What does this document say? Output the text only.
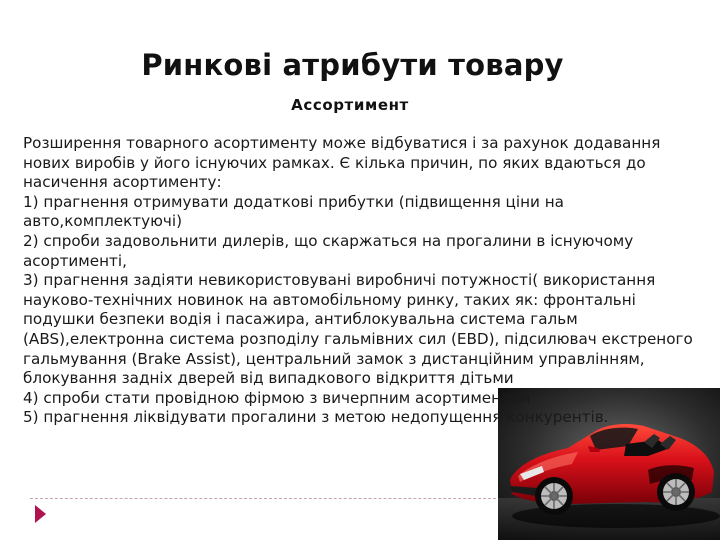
Ринкові атрибути товару
Ассортимент

Розширення товарного асортименту може відбуватися і за рахунок додавання нових виробів у його існуючих рамках. Є кілька причин, по яких вдаються до насичення асортименту:

1) прагнення отримувати додаткові прибутки (підвищення ціни на авто,комплектуючі)

2) спроби задовольнити дилерів, що скаржаться на прогалини в існуючому асортименті,

3) прагнення задіяти невикористовувані виробничі потужності( використання науково-технічних новинок на автомобільному ринку, таких як: фронтальні подушки безпеки водія і пасажира, антиблокувальна система гальм (ABS),електронна система розподілу гальмівних сил (EBD), підсилювач екстреного гальмування (Brake Assist), центральний замок з дистанційним управлінням, блокування задніх дверей від випадкового відкриття дітьми

4) спроби стати провідною фірмою з вичерпним асортиментом

5) прагнення ліквідувати прогалини з метою недопущення конкурентів.
